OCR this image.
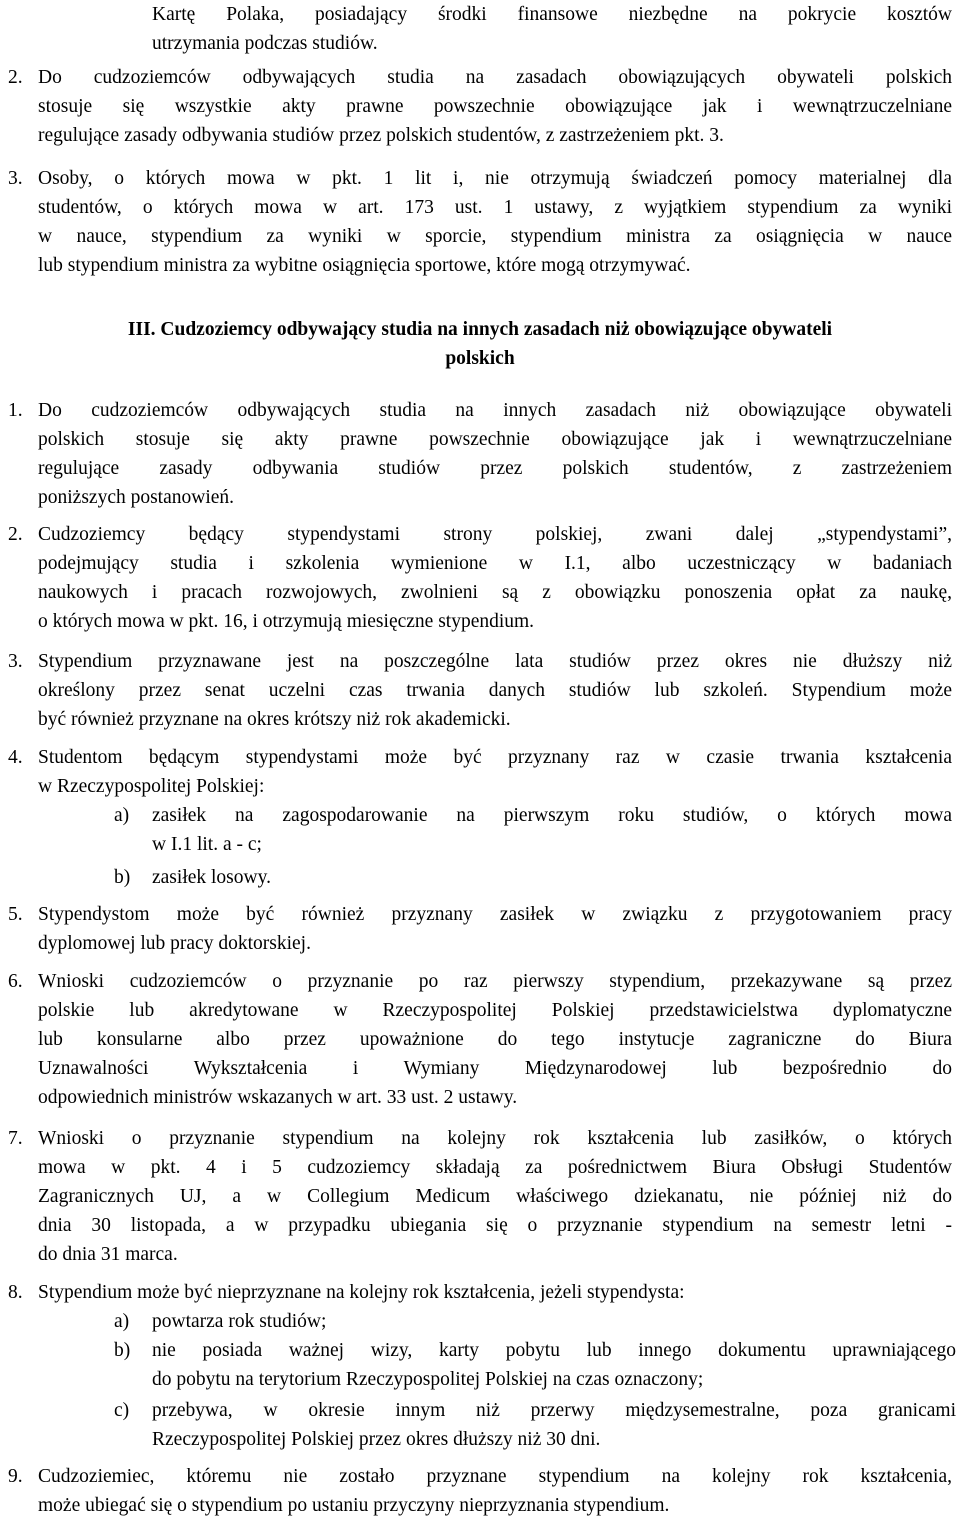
Kartę Polaka, posiadający środki finansowe niezbędne na pokrycie kosztów
utrzymania podczas studiów.
2. Do cudzoziemców odbywających studia na zasadach obowiązujących obywateli polskich
stosuje się wszystkie akty prawne powszechnie obowiązujące jak i wewnątrzuczelniane
regulujące zasady odbywania studiów przez polskich studentów, z zastrzeżeniem pkt. 3.
3. Osoby, o których mowa w pkt. 1 lit i, nie otrzymują świadczeń pomocy materialnej dla
studentów, o których mowa w art. 173 ust. 1 ustawy, z wyjątkiem stypendium za wyniki
w nauce, stypendium za wyniki w sporcie, stypendium ministra za osiągnięcia w nauce
lub stypendium ministra za wybitne osiągnięcia sportowe, które mogą otrzymywać.
III. Cudzoziemcy odbywający studia na innych zasadach niż obowiązujące obywateli
polskich
1. Do cudzoziemców odbywających studia na innych zasadach niż obowiązujące obywateli
polskich stosuje się akty prawne powszechnie obowiązujące jak i wewnątrzuczelniane
regulujące zasady odbywania studiów przez polskich studentów, z zastrzeżeniem
poniższych postanowień.
2. Cudzoziemcy będący stypendystami strony polskiej, zwani dalej „stypendystami”,
podejmujący studia i szkolenia wymienione w I.1, albo uczestniczący w badaniach
naukowych i pracach rozwojowych, zwolnieni są z obowiązku ponoszenia opłat za naukę,
o których mowa w pkt. 16, i otrzymują miesięczne stypendium.
3. Stypendium przyznawane jest na poszczególne lata studiów przez okres nie dłuższy niż
określony przez senat uczelni czas trwania danych studiów lub szkoleń. Stypendium może
być również przyznane na okres krótszy niż rok akademicki.
4. Studentom będącym stypendystami może być przyznany raz w czasie trwania kształcenia
w Rzeczypospolitej Polskiej:
a) zasiłek na zagospodarowanie na pierwszym roku studiów, o których mowa
w I.1 lit. a - c;
b) zasiłek losowy.
5. Stypendystom może być również przyznany zasiłek w związku z przygotowaniem pracy
dyplomowej lub pracy doktorskiej.
6. Wnioski cudzoziemców o przyznanie po raz pierwszy stypendium, przekazywane są przez
polskie lub akredytowane w Rzeczypospolitej Polskiej przedstawicielstwa dyplomatyczne
lub konsularne albo przez upoważnione do tego instytucje zagraniczne do Biura
Uznawalności Wykształcenia i Wymiany Międzynarodowej lub bezpośrednio do
odpowiednich ministrów wskazanych w art. 33 ust. 2 ustawy.
7. Wnioski o przyznanie stypendium na kolejny rok kształcenia lub zasiłków, o których
mowa w pkt. 4 i 5 cudzoziemcy składają za pośrednictwem Biura Obsługi Studentów
Zagranicznych UJ, a w Collegium Medicum właściwego dziekanatu, nie później niż do
dnia 30 listopada, a w przypadku ubiegania się o przyznanie stypendium na semestr letni -
do dnia 31 marca.
8. Stypendium może być nieprzyznane na kolejny rok kształcenia, jeżeli stypendysta:
a) powtarza rok studiów;
b) nie posiada ważnej wizy, karty pobytu lub innego dokumentu uprawniającego
do pobytu na terytorium Rzeczypospolitej Polskiej na czas oznaczony;
c) przebywa, w okresie innym niż przerwy międzysemestralne, poza granicami
Rzeczypospolitej Polskiej przez okres dłuższy niż 30 dni.
9. Cudzoziemiec, któremu nie zostało przyznane stypendium na kolejny rok kształcenia,
może ubiegać się o stypendium po ustaniu przyczyny nieprzyznania stypendium.
